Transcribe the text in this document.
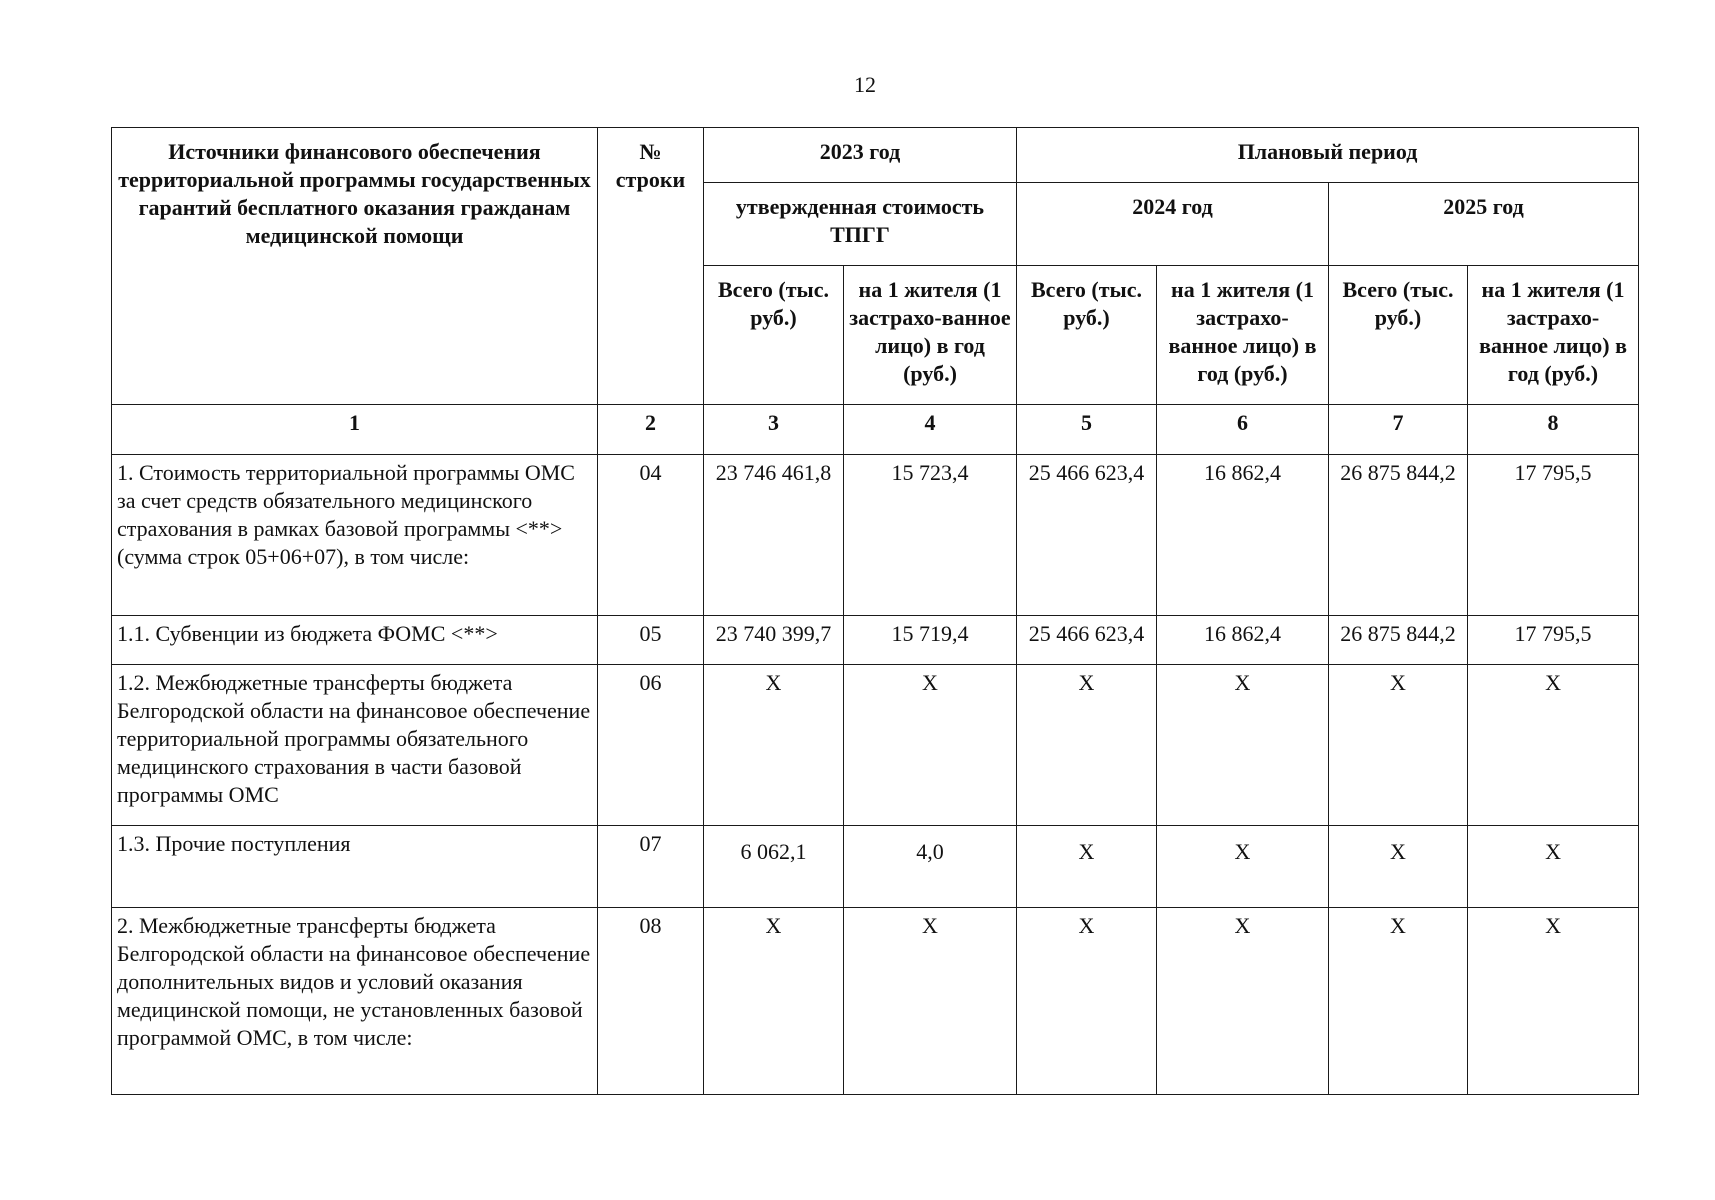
12
Источники финансового обеспечения территориальной программы государственных гарантий бесплатного оказания гражданам медицинской помощи	№ строки	2023 год		Плановый период			
		утвержденная стоимость ТПГГ		2024 год		2025 год	
		Всего (тыс. руб.)	на 1 жителя (1 застрахо-ванное лицо) в год (руб.)	Всего (тыс. руб.)	на 1 жителя (1 застрахо-ванное лицо) в год (руб.)	Всего (тыс. руб.)	на 1 жителя (1 застрахо-ванное лицо) в год (руб.)
1	2	3	4	5	6	7	8
1. Стоимость территориальной программы ОМС за счет средств обязательного медицинского страхования в рамках базовой программы <**> (сумма строк 05+06+07), в том числе:	04	23 746 461,8	15 723,4	25 466 623,4	16 862,4	26 875 844,2	17 795,5
1.1. Субвенции из бюджета ФОМС <**>	05	23 740 399,7	15 719,4	25 466 623,4	16 862,4	26 875 844,2	17 795,5
1.2. Межбюджетные трансферты бюджета Белгородской области на финансовое обеспечение территориальной программы обязательного медицинского страхования в части базовой программы ОМС	06	X	X	X	X	X	X
1.3. Прочие поступления	07	6 062,1	4,0	X	X	X	X
2. Межбюджетные трансферты бюджета Белгородской области на финансовое обеспечение дополнительных видов и условий оказания медицинской помощи, не установленных базовой программой ОМС, в том числе:	08	X	X	X	X	X	X
